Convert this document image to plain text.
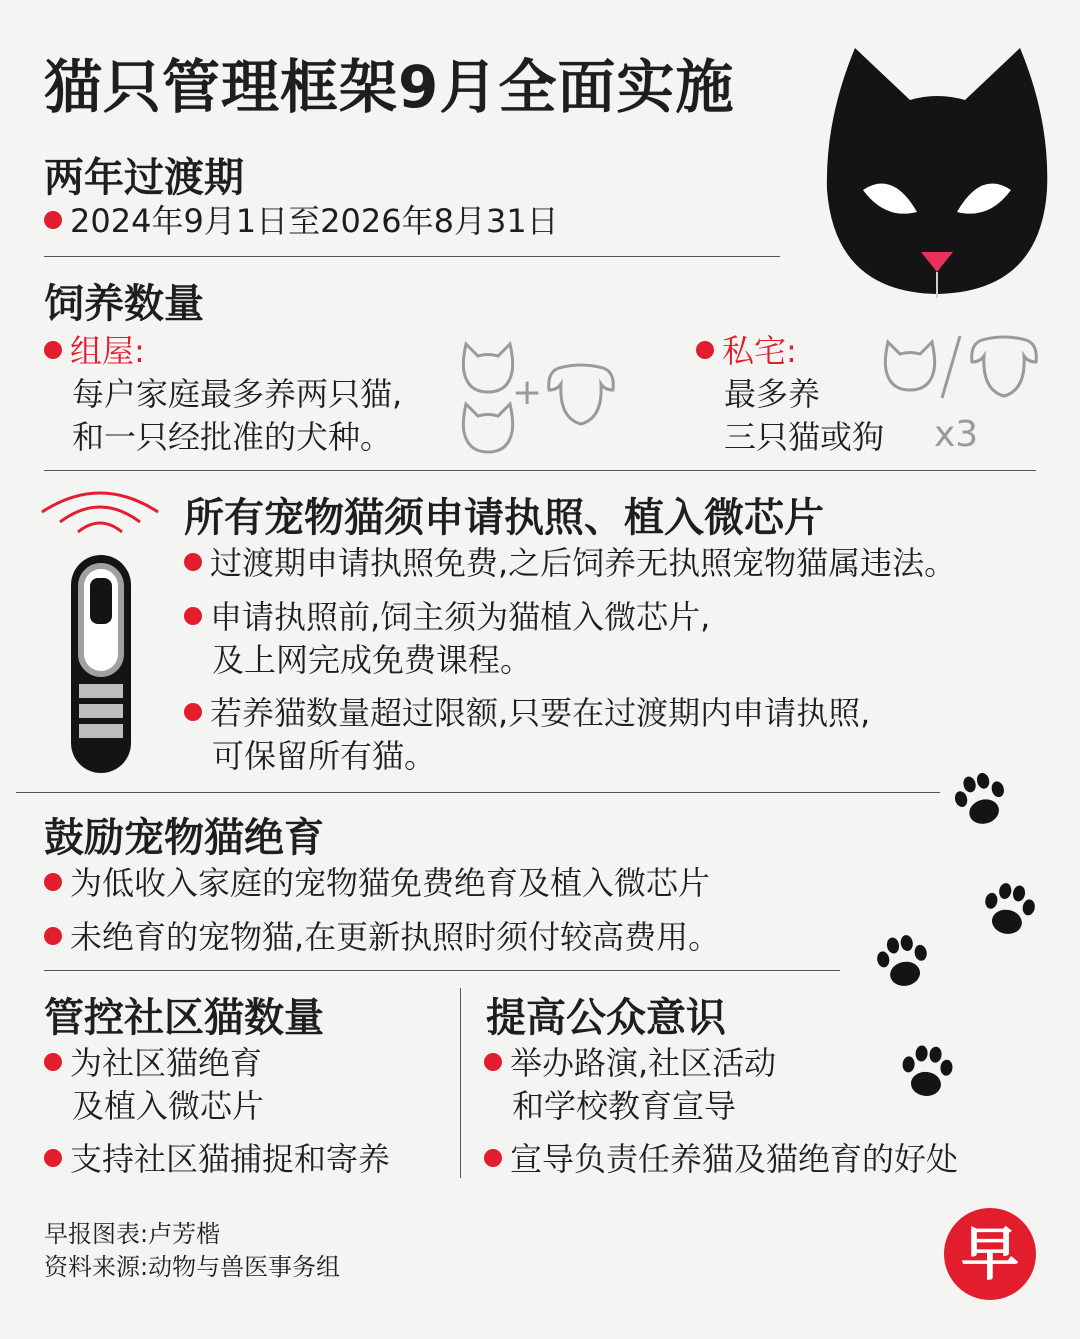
猫只管理框架9月全面实施
两年过渡期
2024年9月1日至2026年8月31日
饲养数量
组屋:
每户家庭最多养两只猫,
和一只经批准的犬种。
+
私宅:
最多养
三只猫或狗 x3
所有宠物猫须申请执照、植入微芯片
过渡期申请执照免费,之后饲养无执照宠物猫属违法。
申请执照前,饲主须为猫植入微芯片,
及上网完成免费课程。
若养猫数量超过限额,只要在过渡期内申请执照,
可保留所有猫。
鼓励宠物猫绝育
为低收入家庭的宠物猫免费绝育及植入微芯片
未绝育的宠物猫,在更新执照时须付较高费用。
管控社区猫数量
为社区猫绝育
及植入微芯片
支持社区猫捕捉和寄养
提高公众意识
举办路演,社区活动
和学校教育宣导
宣导负责任养猫及猫绝育的好处
早报图表:卢芳楷
资料来源:动物与兽医事务组	早
